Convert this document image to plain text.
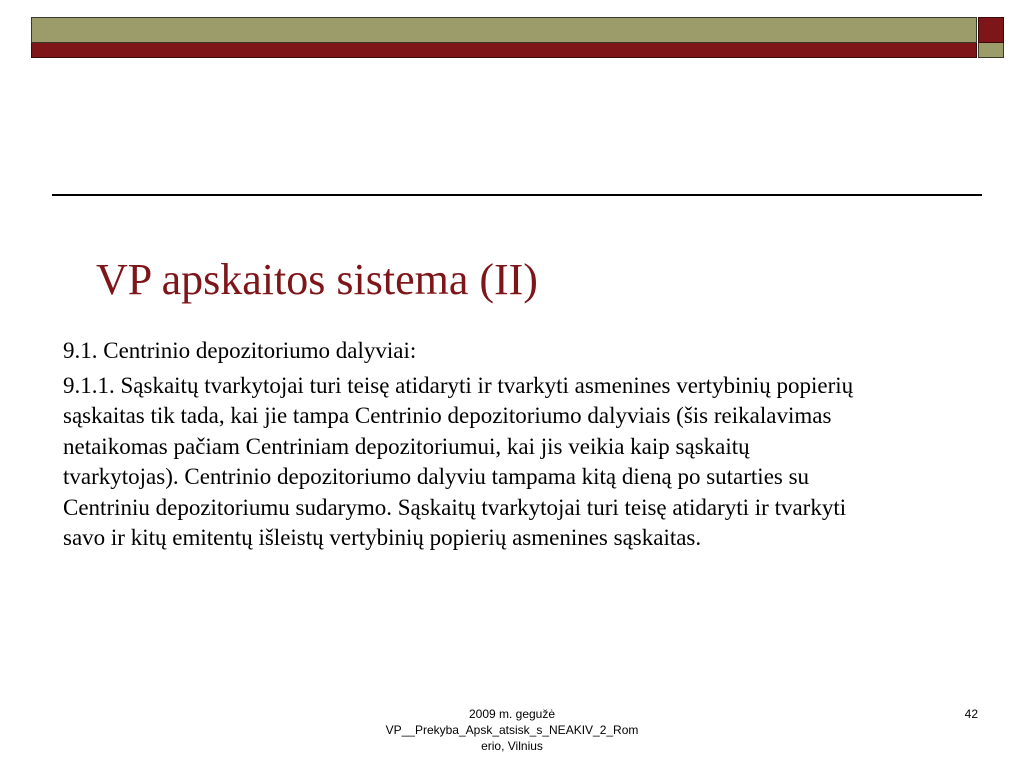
VP apskaitos sistema (II)

9.1. Centrinio depozitoriumo dalyviai:

9.1.1. Sąskaitų tvarkytojai turi teisę atidaryti ir tvarkyti asmenines vertybinių popierių sąskaitas tik tada, kai jie tampa Centrinio depozitoriumo dalyviais (šis reikalavimas netaikomas pačiam Centriniam depozitoriumui, kai jis veikia kaip sąskaitų tvarkytojas). Centrinio depozitoriumo dalyviu tampama kitą dieną po sutarties su Centriniu depozitoriumu sudarymo. Sąskaitų tvarkytojai turi teisę atidaryti ir tvarkyti savo ir kitų emitentų išleistų vertybinių popierių asmenines sąskaitas.

2009 m. gegužė
VP__Prekyba_Apsk_atsisk_s_NEAKIV_2_Rom
erio, Vilnius
42
